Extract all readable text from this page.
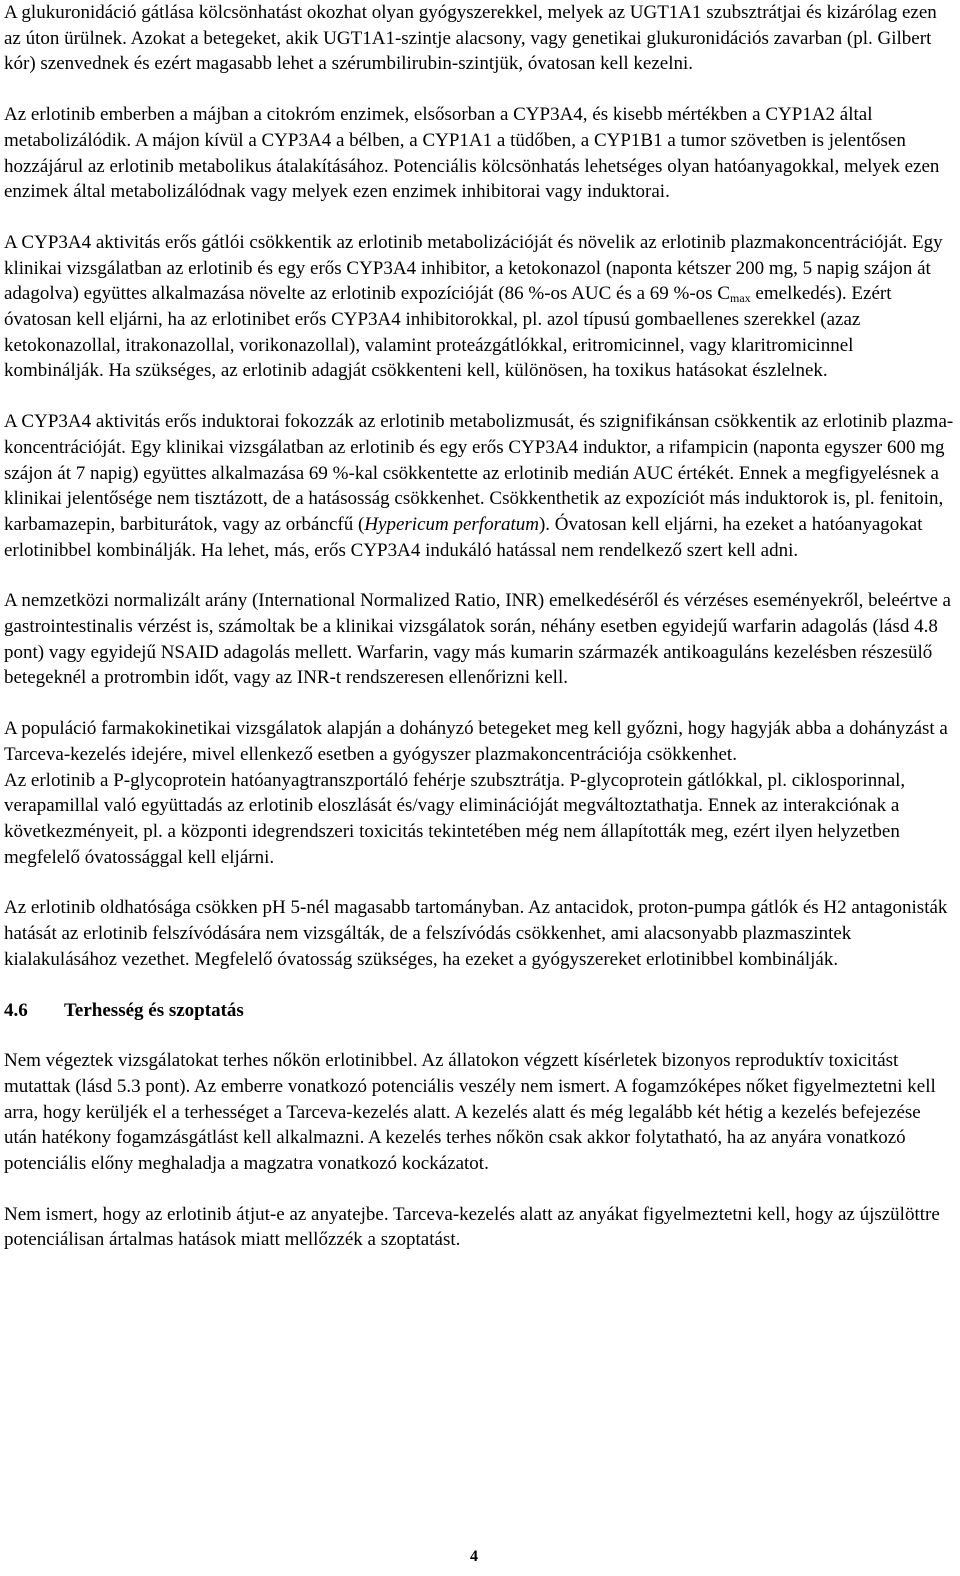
A glukuronidáció gátlása kölcsönhatást okozhat olyan gyógyszerekkel, melyek az UGT1A1 szubsztrátjai és kizárólag ezen az úton ürülnek. Azokat a betegeket, akik UGT1A1-szintje alacsony, vagy genetikai glukuronidációs zavarban (pl. Gilbert kór) szenvednek és ezért magasabb lehet a szérumbilirubin-szintjük, óvatosan kell kezelni.

Az erlotinib emberben a májban a citokróm enzimek, elsősorban a CYP3A4, és kisebb mértékben a CYP1A2 által metabolizálódik. A májon kívül a CYP3A4 a bélben, a CYP1A1 a tüdőben, a CYP1B1 a tumor szövetben is jelentősen hozzájárul az erlotinib metabolikus átalakításához. Potenciális kölcsönhatás lehetséges olyan hatóanyagokkal, melyek ezen enzimek által metabolizálódnak vagy melyek ezen enzimek inhibitorai vagy induktorai.

A CYP3A4 aktivitás erős gátlói csökkentik az erlotinib metabolizációját és növelik az erlotinib plazmakoncentrációját. Egy klinikai vizsgálatban az erlotinib és egy erős CYP3A4 inhibitor, a ketokonazol (naponta kétszer 200 mg, 5 napig szájon át adagolva) együttes alkalmazása növelte az erlotinib expozícióját (86 %-os AUC és a 69 %-os $C_{max}$ emelkedés). Ezért óvatosan kell eljárni, ha az erlotinibet erős CYP3A4 inhibitorokkal, pl. azol típusú gombaellenes szerekkel (azaz ketokonazollal, itrakonazollal, vorikonazollal), valamint proteázgátlókkal, eritromicinnel, vagy klaritromicinnel kombinálják. Ha szükséges, az erlotinib adagját csökkenteni kell, különösen, ha toxikus hatásokat észlelnek.

A CYP3A4 aktivitás erős induktorai fokozzák az erlotinib metabolizmusát, és szignifikánsan csökkentik az erlotinib plazma-koncentrációját. Egy klinikai vizsgálatban az erlotinib és egy erős CYP3A4 induktor, a rifampicin (naponta egyszer 600 mg szájon át 7 napig) együttes alkalmazása 69 %-kal csökkentette az erlotinib medián AUC értékét. Ennek a megfigyelésnek a klinikai jelentősége nem tisztázott, de a hatásosság csökkenhet. Csökkenthetik az expozíciót más induktorok is, pl. fenitoin, karbamazepin, barbiturátok, vagy az orbáncfű (Hypericum perforatum). Óvatosan kell eljárni, ha ezeket a hatóanyagokat erlotinibbel kombinálják. Ha lehet, más, erős CYP3A4 indukáló hatással nem rendelkező szert kell adni.

A nemzetközi normalizált arány (International Normalized Ratio, INR) emelkedéséről és vérzéses eseményekről, beleértve a gastrointestinalis vérzést is, számoltak be a klinikai vizsgálatok során, néhány esetben egyidejű warfarin adagolás (lásd 4.8 pont) vagy egyidejű NSAID adagolás mellett. Warfarin, vagy más kumarin származék antikoaguláns kezelésben részesülő betegeknél a protrombin időt, vagy az INR-t rendszeresen ellenőrizni kell.

A populáció farmakokinetikai vizsgálatok alapján a dohányzó betegeket meg kell győzni, hogy hagyják abba a dohányzást a Tarceva-kezelés idejére, mivel ellenkező esetben a gyógyszer plazmakoncentrációja csökkenhet.

Az erlotinib a P-glycoprotein hatóanyagtranszportáló fehérje szubsztrátja. P-glycoprotein gátlókkal, pl. ciklosporinnal, verapamillal való együttadás az erlotinib eloszlását és/vagy eliminációját megváltoztathatja. Ennek az interakciónak a következményeit, pl. a központi idegrendszeri toxicitás tekintetében még nem állapították meg, ezért ilyen helyzetben megfelelő óvatossággal kell eljárni.

Az erlotinib oldhatósága csökken pH 5-nél magasabb tartományban. Az antacidok, proton-pumpa gátlók és H2 antagonisták hatását az erlotinib felszívódására nem vizsgálták, de a felszívódás csökkenhet, ami alacsonyabb plazmaszintek kialakulásához vezethet. Megfelelő óvatosság szükséges, ha ezeket a gyógyszereket erlotinibbel kombinálják.

4.6 Terhesség és szoptatás

Nem végeztek vizsgálatokat terhes nőkön erlotinibbel. Az állatokon végzett kísérletek bizonyos reproduktív toxicitást mutattak (lásd 5.3 pont). Az emberre vonatkozó potenciális veszély nem ismert. A fogamzóképes nőket figyelmeztetni kell arra, hogy kerüljék el a terhességet a Tarceva-kezelés alatt. A kezelés alatt és még legalább két hétig a kezelés befejezése után hatékony fogamzásgátlást kell alkalmazni. A kezelés terhes nőkön csak akkor folytatható, ha az anyára vonatkozó potenciális előny meghaladja a magzatra vonatkozó kockázatot.

Nem ismert, hogy az erlotinib átjut-e az anyatejbe. Tarceva-kezelés alatt az anyákat figyelmeztetni kell, hogy az újszülöttre potenciálisan ártalmas hatások miatt mellőzzék a szoptatást.

4
